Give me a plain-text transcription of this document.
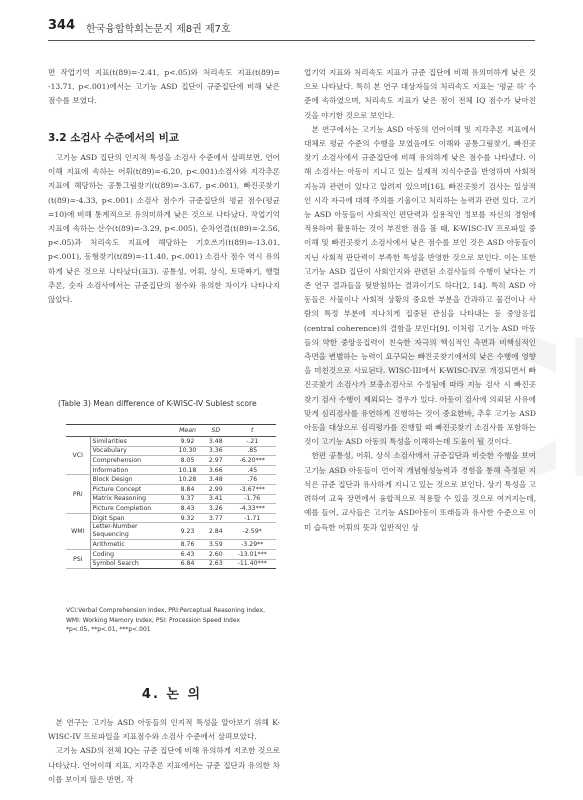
344 한국융합학회논문지 제8권 제7호

면 작업기억 지표(t(89)=-2.41, p<.05)와 처리속도 지표(t(89)= -13.71, p<.001)에서는 고기능 ASD 집단이 규준집단에 비해 낮은 점수를 보였다.

3.2 소검사 수준에서의 비교

고기능 ASD 집단의 인지적 특성을 소검사 수준에서 살펴보면, 언어이해 지표에 속하는 어휘(t(89)=-6.20, p<.001)소검사와 지각추론 지표에 해당하는 공통그림찾기(t(89)=-3.67, p<.001), 빠진곳찾기(t(89)=-4.33, p<.001) 소검사 점수가 규준집단의 평균 점수(평균=10)에 비해 통계적으로 유의미하게 낮은 것으로 나타났다. 작업기억 지표에 속하는 산수(t(89)=-3.29, p<.005), 순차연결(t(89)=-2.56, p<.05)과 처리속도 지표에 해당하는 기호쓰기(t(89)=-13.01, p<.001), 동형찾기(t(89)=-11.40, p<.001) 소검사 점수 역시 유의하게 낮은 것으로 나타났다(표3). 공통성, 어휘, 상식, 토막짜기, 행렬추론, 숫자 소검사에서는 규준집단의 점수와 유의한 차이가 나타나지 않았다.

(Table 3) Mean difference of K-WISC-IV Sublest score
		Mean	SD	t
VCI	Similarities	9.92	3.48	-.21
	Vocabulary	10.30	3.36	.85
	Comprehension	8.05	2.97	-6.20***
	Information	10.18	3.66	.45
PRI	Block Design	10.28	3.48	.76
	Picture Concept	8.84	2.99	-3.67***
	Matrix Reasoning	9.37	3.41	-1.76
	Picture Completion	8.43	3.26	-4.33***
WMI	Digit Span	9.32	3.77	-1.71
	Letter-Number Sequencing	9.23	2.84	-2.59*
	Arithmetic	8.76	3.59	-3.29**
PSI	Coding	6.43	2.60	-13.01***
	Symbol Search	6.84	2.63	-11.40***
VCI:Verbal Comprehension Index, PRI:Perceptual Reasoning Index, WMI: Working Memory Index, PSI: Procession Speed Index
*p<.05, **p<.01, ***p<.001
4. 논 의

본 연구는 고기능 ASD 아동들의 인지적 특성을 알아보기 위해 K-WISC-IV 프로파일을 지표점수와 소검사 수준에서 살펴보았다.

고기능 ASD의 전체 IQ는 규준 집단에 비해 유의하게 저조한 것으로 나타났다. 언어이해 지표, 지각추론 지표에서는 규준 집단과 유의한 차이를 보이지 않은 반면, 작

업기억 지표와 처리속도 지표가 규준 집단에 비해 유의미하게 낮은 것으로 나타났다. 특히 본 연구 대상자들의 처리속도 지표는 '평균 하' 수준에 속하였으며, 처리속도 지표가 낮은 점이 전체 IQ 점수가 낮아진 것을 야기한 것으로 보인다.

본 연구에서는 고기능 ASD 아동의 언어이해 및 지각추론 지표에서 대체로 평균 수준의 수행을 보였음에도 이해와 공통그림찾기, 빠진곳찾기 소검사에서 규준집단에 비해 유의하게 낮은 점수를 나타냈다. 이해 소검사는 아동이 지니고 있는 실제적 지식수준을 반영하며 사회적 지능과 관련이 있다고 알려져 있으며[16], 빠진곳찾기 검사는 일상적인 시각 자극에 대해 주의를 기울이고 처리하는 능력과 관련 있다. 고기능 ASD 아동들이 사회적인 편단력과 실용적인 정보를 자신의 경험에 적용하여 활용하는 것이 부진한 점을 볼 때, K-WISC-IV 프로파일 중 이해 및 빠진곳찾기 소검사에서 낮은 점수를 보인 것은 ASD 아동들이 지닌 사회적 판단력이 부족한 특성을 반영한 것으로 보인다. 이는 또한 고기능 ASD 집단이 사회인지와 관련된 소검사들의 수행이 낮다는 기존 연구 결과들을 뒷받침하는 결과이기도 하다[2, 14]. 특히 ASD 아동들은 사물이나 사회적 상황의 중요한 부분을 간과하고 물건이나 사람의 특정 부분에 지나치게 집중된 관심을 나타내는 등 중앙응집(central coherence)의 결함을 보인다[9]. 이처럼 고기능 ASD 아동들의 약한 중앙응집력이 친숙한 자극의 핵심적인 측면과 비핵심적인 측면을 변별하는 능력이 요구되는 빠진곳찾기에서의 낮은 수행에 영향을 미친것으로 사료된다. WISC-III에서 K-WISC-IV로 개정되면서 빠진곳찾기 소검사가 보충소검사로 수정됨에 따라 지능 검사 시 빠진곳찾기 검사 수행이 제외되는 경우가 있다. 아동이 검사에 의뢰된 사유에 맞게 심리검사를 유연하게 진행하는 것이 중요한바, 추후 고기능 ASD 아동을 대상으로 심리평가를 진행할 때 빠진곳찾기 소검사를 포함하는 것이 고기능 ASD 아동의 특성을 이해하는데 도움이 될 것이다.

한편 공통성, 어휘, 상식 소검사에서 규준집단과 비슷한 수행을 보여 고기능 ASD 아동들이 언어적 개념형성능력과 경험을 통해 측정된 지식은 규준 집단과 유사하게 지니고 있는 것으로 보인다. 상기 특성을 고려하여 교육 장면에서 융합적으로 적용할 수 있을 것으로 여겨지는데, 예를 들어, 교사들은 고기능 ASD아동이 또래들과 유사한 수준으로 이미 습득한 어휘의 뜻과 일반적인 상
